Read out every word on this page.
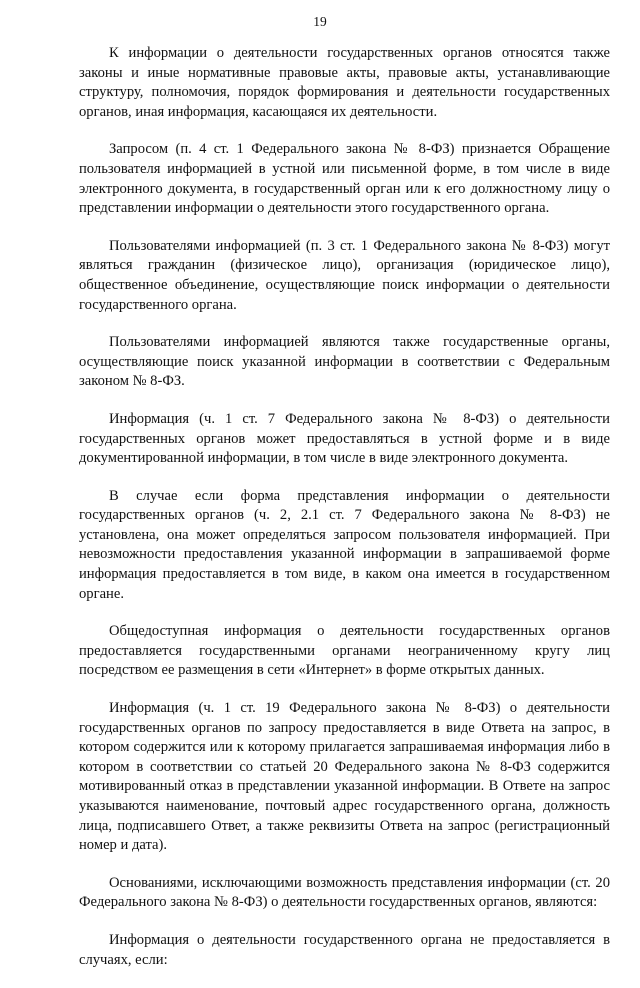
19

К информации о деятельности государственных органов относятся также законы и иные нормативные правовые акты, правовые акты, устанавливающие структуру, полномочия, порядок формирования и деятельности государственных органов, иная информация, касающаяся их деятельности.

Запросом (п. 4 ст. 1 Федерального закона № 8-ФЗ) признается Обращение пользователя информацией в устной или письменной форме, в том числе в виде электронного документа, в государственный орган или к его должностному лицу о представлении информации о деятельности этого государственного органа.

Пользователями информацией (п. 3 ст. 1 Федерального закона № 8-ФЗ) могут являться гражданин (физическое лицо), организация (юридическое лицо), общественное объединение, осуществляющие поиск информации о деятельности государственного органа.

Пользователями информацией являются также государственные органы, осуществляющие поиск указанной информации в соответствии с Федеральным законом № 8-ФЗ.

Информация (ч. 1 ст. 7 Федерального закона № 8-ФЗ) о деятельности государственных органов может предоставляться в устной форме и в виде документированной информации, в том числе в виде электронного документа.

В случае если форма представления информации о деятельности государственных органов (ч. 2, 2.1 ст. 7 Федерального закона № 8-ФЗ) не установлена, она может определяться запросом пользователя информацией. При невозможности предоставления указанной информации в запрашиваемой форме информация предоставляется в том виде, в каком она имеется в государственном органе.

Общедоступная информация о деятельности государственных органов предоставляется государственными органами неограниченному кругу лиц посредством ее размещения в сети «Интернет» в форме открытых данных.

Информация (ч. 1 ст. 19 Федерального закона № 8-ФЗ) о деятельности государственных органов по запросу предоставляется в виде Ответа на запрос, в котором содержится или к которому прилагается запрашиваемая информация либо в котором в соответствии со статьей 20 Федерального закона № 8-ФЗ содержится мотивированный отказ в представлении указанной информации. В Ответе на запрос указываются наименование, почтовый адрес государственного органа, должность лица, подписавшего Ответ, а также реквизиты Ответа на запрос (регистрационный номер и дата).

Основаниями, исключающими возможность представления информации (ст. 20 Федерального закона № 8-ФЗ) о деятельности государственных органов, являются:

Информация о деятельности государственного органа не предоставляется в случаях, если:
